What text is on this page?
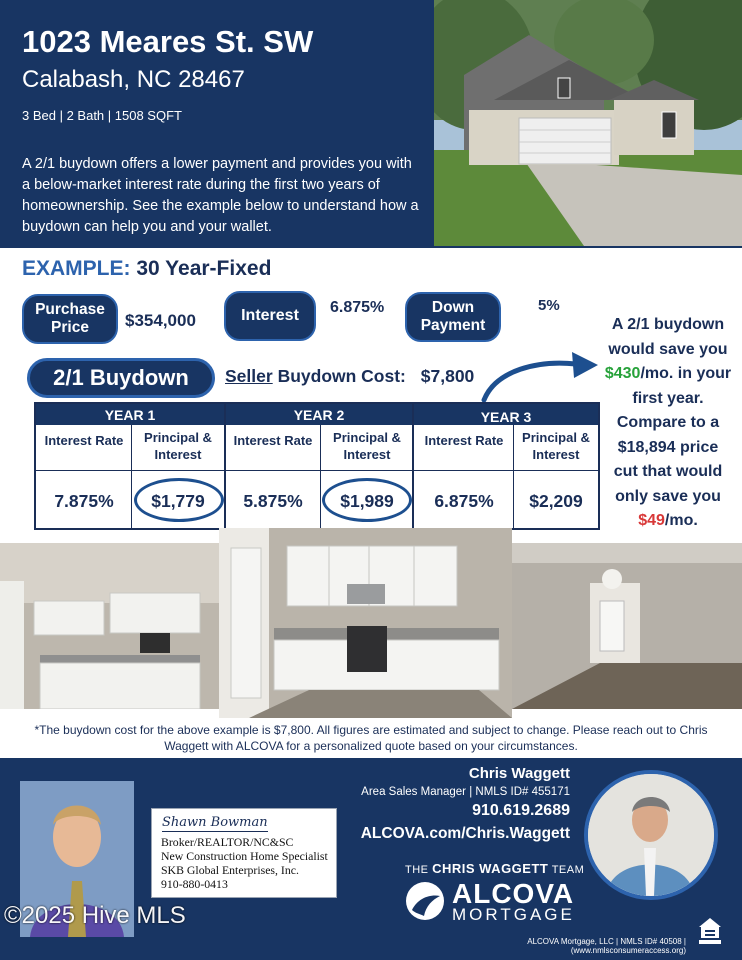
1023 Meares St. SW
Calabash, NC 28467
3 Bed | 2 Bath | 1508 SQFT
A 2/1 buydown offers a lower payment and provides you with a below-market interest rate during the first two years of homeownership. See the example below to understand how a buydown can help you and your wallet.
EXAMPLE: 30 Year-Fixed
Purchase Price	$354,000	Interest	6.875%	Down Payment
5%
2/1 Buydown	Seller Buydown Cost: $7,800
A 2/1 buydown would save you $430/mo. in your first year. Compare to a $18,894 price cut that would only save you $49/mo.
YEAR 1	YEAR 2	YEAR 3
Interest Rate	Principal & Interest
Interest Rate	Principal & Interest
Interest Rate	Principal & Interest
7.875%	$1,779	5.875%	$1,989	6.875%	$2,209
*The buydown cost for the above example is $7,800. All figures are estimated and subject to change. Please reach out to Chris Waggett with ALCOVA for a personalized quote based on your circumstances.
Shawn Bowman
Broker/REALTOR/NC&SC
New Construction Home Specialist
SKB Global Enterprises, Inc.
910-880-0413
©2025 Hive MLS
Chris Waggett
Area Sales Manager | NMLS ID# 455171
910.619.2689
ALCOVA.com/Chris.Waggett
THE CHRIS WAGGETT TEAM
ALCOVA
MORTGAGE
ALCOVA Mortgage, LLC | NMLS ID# 40508 | (www.nmlsconsumeraccess.org)
